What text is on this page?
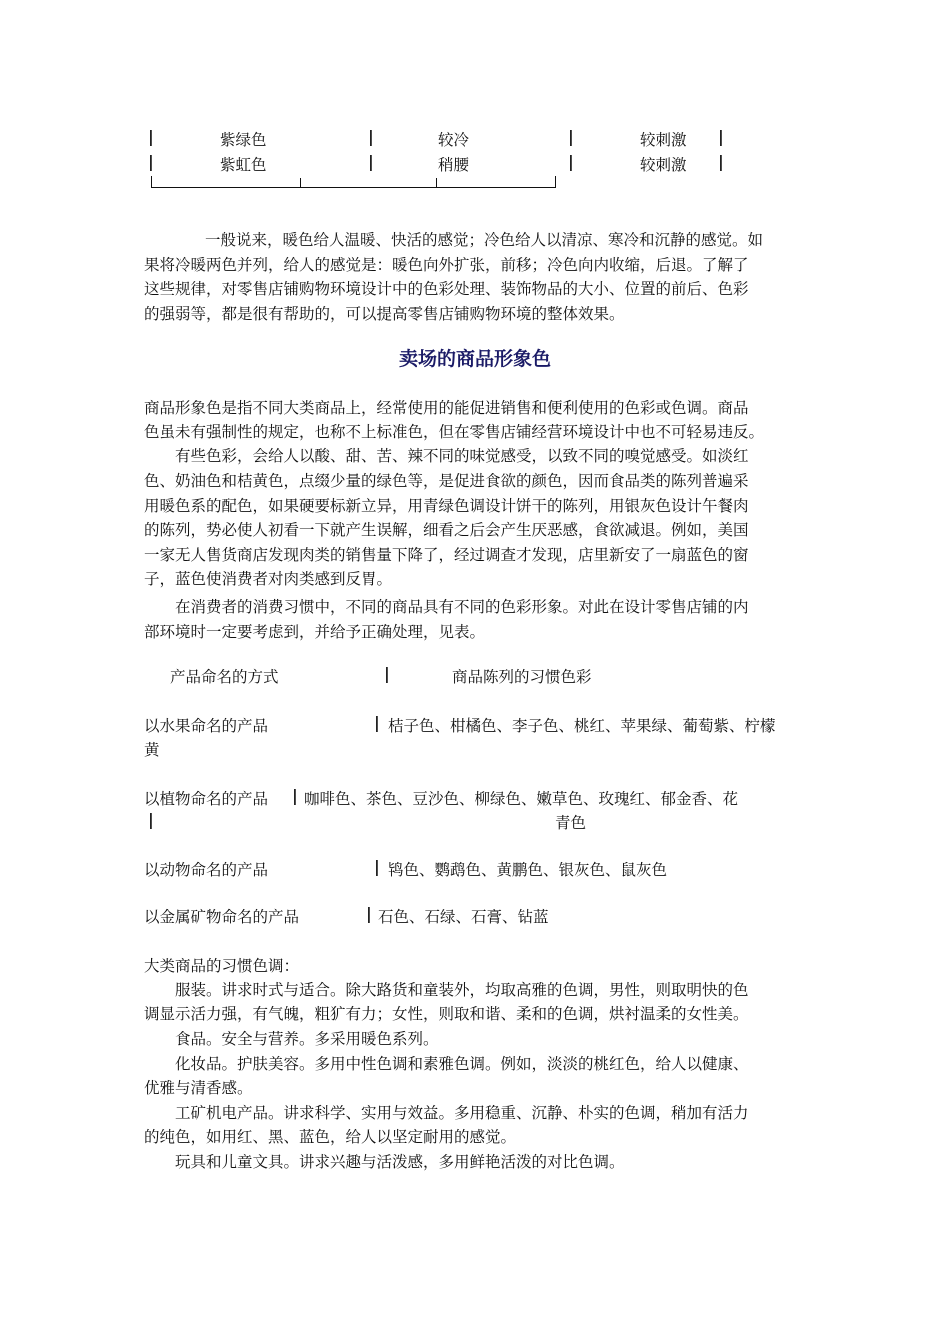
|	紫绿色	|	较冷	|	较刺激 |
|	紫虹色	|	稍腰	|	较刺激 |
一般说来，暖色给人温暖、快活的感觉；冷色给人以清凉、寒冷和沉静的感觉。如
果将冷暖两色并列，给人的感觉是：暖色向外扩张，前移；冷色向内收缩，后退。了解了
这些规律，对零售店铺购物环境设计中的色彩处理、装饰物品的大小、位置的前后、色彩
的强弱等，都是很有帮助的，可以提高零售店铺购物环境的整体效果。
卖场的商品形象色
商品形象色是指不同大类商品上，经常使用的能促进销售和便利使用的色彩或色调。商品
色虽未有强制性的规定，也称不上标准色，但在零售店铺经营环境设计中也不可轻易违反。
有些色彩，会给人以酸、甜、苦、辣不同的味觉感受，以致不同的嗅觉感受。如淡红
色、奶油色和桔黄色，点缀少量的绿色等，是促进食欲的颜色，因而食品类的陈列普遍采
用暖色系的配色，如果硬要标新立异，用青绿色调设计饼干的陈列，用银灰色设计午餐肉
的陈列，势必使人初看一下就产生误解，细看之后会产生厌恶感，食欲减退。例如，美国
一家无人售货商店发现肉类的销售量下降了，经过调查才发现，店里新安了一扇蓝色的窗
子，蓝色使消费者对肉类感到反胃。
在消费者的消费习惯中，不同的商品具有不同的色彩形象。对此在设计零售店铺的内
部环境时一定要考虑到，并给予正确处理，见表。
产品命名的方式	|	商品陈列的习惯色彩
以水果命名的产品	| 桔子色、柑橘色、李子色、桃红、苹果绿、葡萄紫、柠檬
黄
以植物命名的产品 | 咖啡色、茶色、豆沙色、柳绿色、嫩草色、玫瑰红、郁金香、花
|	青色
以动物命名的产品	| 鸨色、鹦鹉色、黄鹏色、银灰色、鼠灰色
以金属矿物命名的产品	| 石色、石绿、石膏、钻蓝
大类商品的习惯色调：
服装。讲求时式与适合。除大路货和童装外，均取高雅的色调，男性，则取明快的色
调显示活力强，有气魄，粗犷有力；女性，则取和谐、柔和的色调，烘衬温柔的女性美。
食品。安全与营养。多采用暖色系列。
化妆品。护肤美容。多用中性色调和素雅色调。例如，淡淡的桃红色，给人以健康、
优雅与清香感。
工矿机电产品。讲求科学、实用与效益。多用稳重、沉静、朴实的色调，稍加有活力
的纯色，如用红、黑、蓝色，给人以坚定耐用的感觉。
玩具和儿童文具。讲求兴趣与活泼感，多用鲜艳活泼的对比色调。
